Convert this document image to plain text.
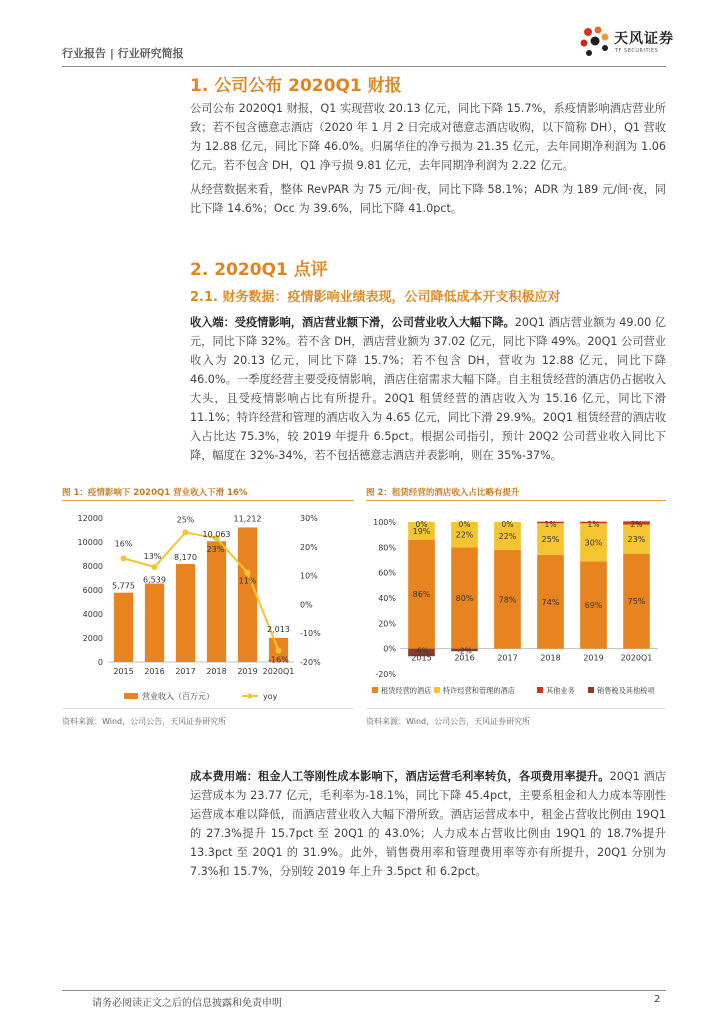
行业报告 | 行业研究简报
天风证券
TF SECURITIES
1. 公司公布 2020Q1 财报
公司公布 2020Q1 财报，Q1 实现营收 20.13 亿元，同比下降 15.7%，系疫情影响酒店营业所致；若不包含德意志酒店（2020 年 1 月 2 日完成对德意志酒店收购，以下简称 DH），Q1 营收为 12.88 亿元，同比下降 46.0%。归属华住的净亏损为 21.35 亿元，去年同期净利润为 1.06 亿元。若不包含 DH，Q1 净亏损 9.81 亿元，去年同期净利润为 2.22 亿元。
从经营数据来看，整体 RevPAR 为 75 元/间·夜，同比下降 58.1%；ADR 为 189 元/间·夜，同比下降 14.6%；Occ 为 39.6%，同比下降 41.0pct。
2. 2020Q1 点评
2.1. 财务数据：疫情影响业绩表现，公司降低成本开支积极应对
收入端：受疫情影响，酒店营业额下滑，公司营业收入大幅下降。20Q1 酒店营业额为 49.00 亿元，同比下降 32%。若不含 DH，酒店营业额为 37.02 亿元，同比下降 49%。20Q1 公司营业收入为 20.13 亿元，同比下降 15.7%；若不包含 DH，营收为 12.88 亿元，同比下降 46.0%。一季度经营主要受疫情影响，酒店住宿需求大幅下降。自主租赁经营的酒店仍占据收入大头，且受疫情影响占比有所提升。20Q1 租赁经营的酒店收入为 15.16 亿元，同比下滑 11.1%；特许经营和管理的酒店收入为 4.65 亿元，同比下滑 29.9%。20Q1 租赁经营的酒店收入占比达 75.3%，较 2019 年提升 6.5pct。根据公司指引，预计 20Q2 公司营业收入同比下降，幅度在 32%-34%，若不包括德意志酒店并表影响，则在 35%-37%。
图 1：疫情影响下 2020Q1 营业收入下滑 16%
0
2000
4000
6000
8000
10000
12000
-20%
-10%
0%
10%
20%
30%
2015 2016 2017 2018 2019 2020Q1
5,775
6,539
8,170
10,063
11,212
2,013
16%
13%
25%
23%
11%
-16%
营业收入（百万元）	yoy
资料来源：Wind，公司公告，天风证券研究所
图 2：租赁经营的酒店收入占比略有提升
-20%
0%
20%
40%
60%
80%
100%
-6%
86%
19%
0%
2015
-2%
80%
22%
0%
2016
78%
22%
0%
2017
74%
25%
1%
2018
69%
30%
1%
2019
75%
23%
2%
2020Q1
租赁经营的酒店 特许经营和管理的酒店	其他业务	销售税及其他税项
资料来源：Wind，公司公告，天风证券研究所
成本费用端：租金人工等刚性成本影响下，酒店运营毛利率转负，各项费用率提升。20Q1 酒店运营成本为 23.77 亿元，毛利率为-18.1%，同比下降 45.4pct，主要系租金和人力成本等刚性运营成本难以降低，而酒店营业收入大幅下滑所致。酒店运营成本中，租金占营收比例由 19Q1 的 27.3%提升 15.7pct 至 20Q1 的 43.0%；人力成本占营收比例由 19Q1 的 18.7%提升 13.3pct 至 20Q1 的 31.9%。此外，销售费用率和管理费用率等亦有所提升，20Q1 分别为 7.3%和 15.7%，分别较 2019 年上升 3.5pct 和 6.2pct。
请务必阅读正文之后的信息披露和免责申明	2
